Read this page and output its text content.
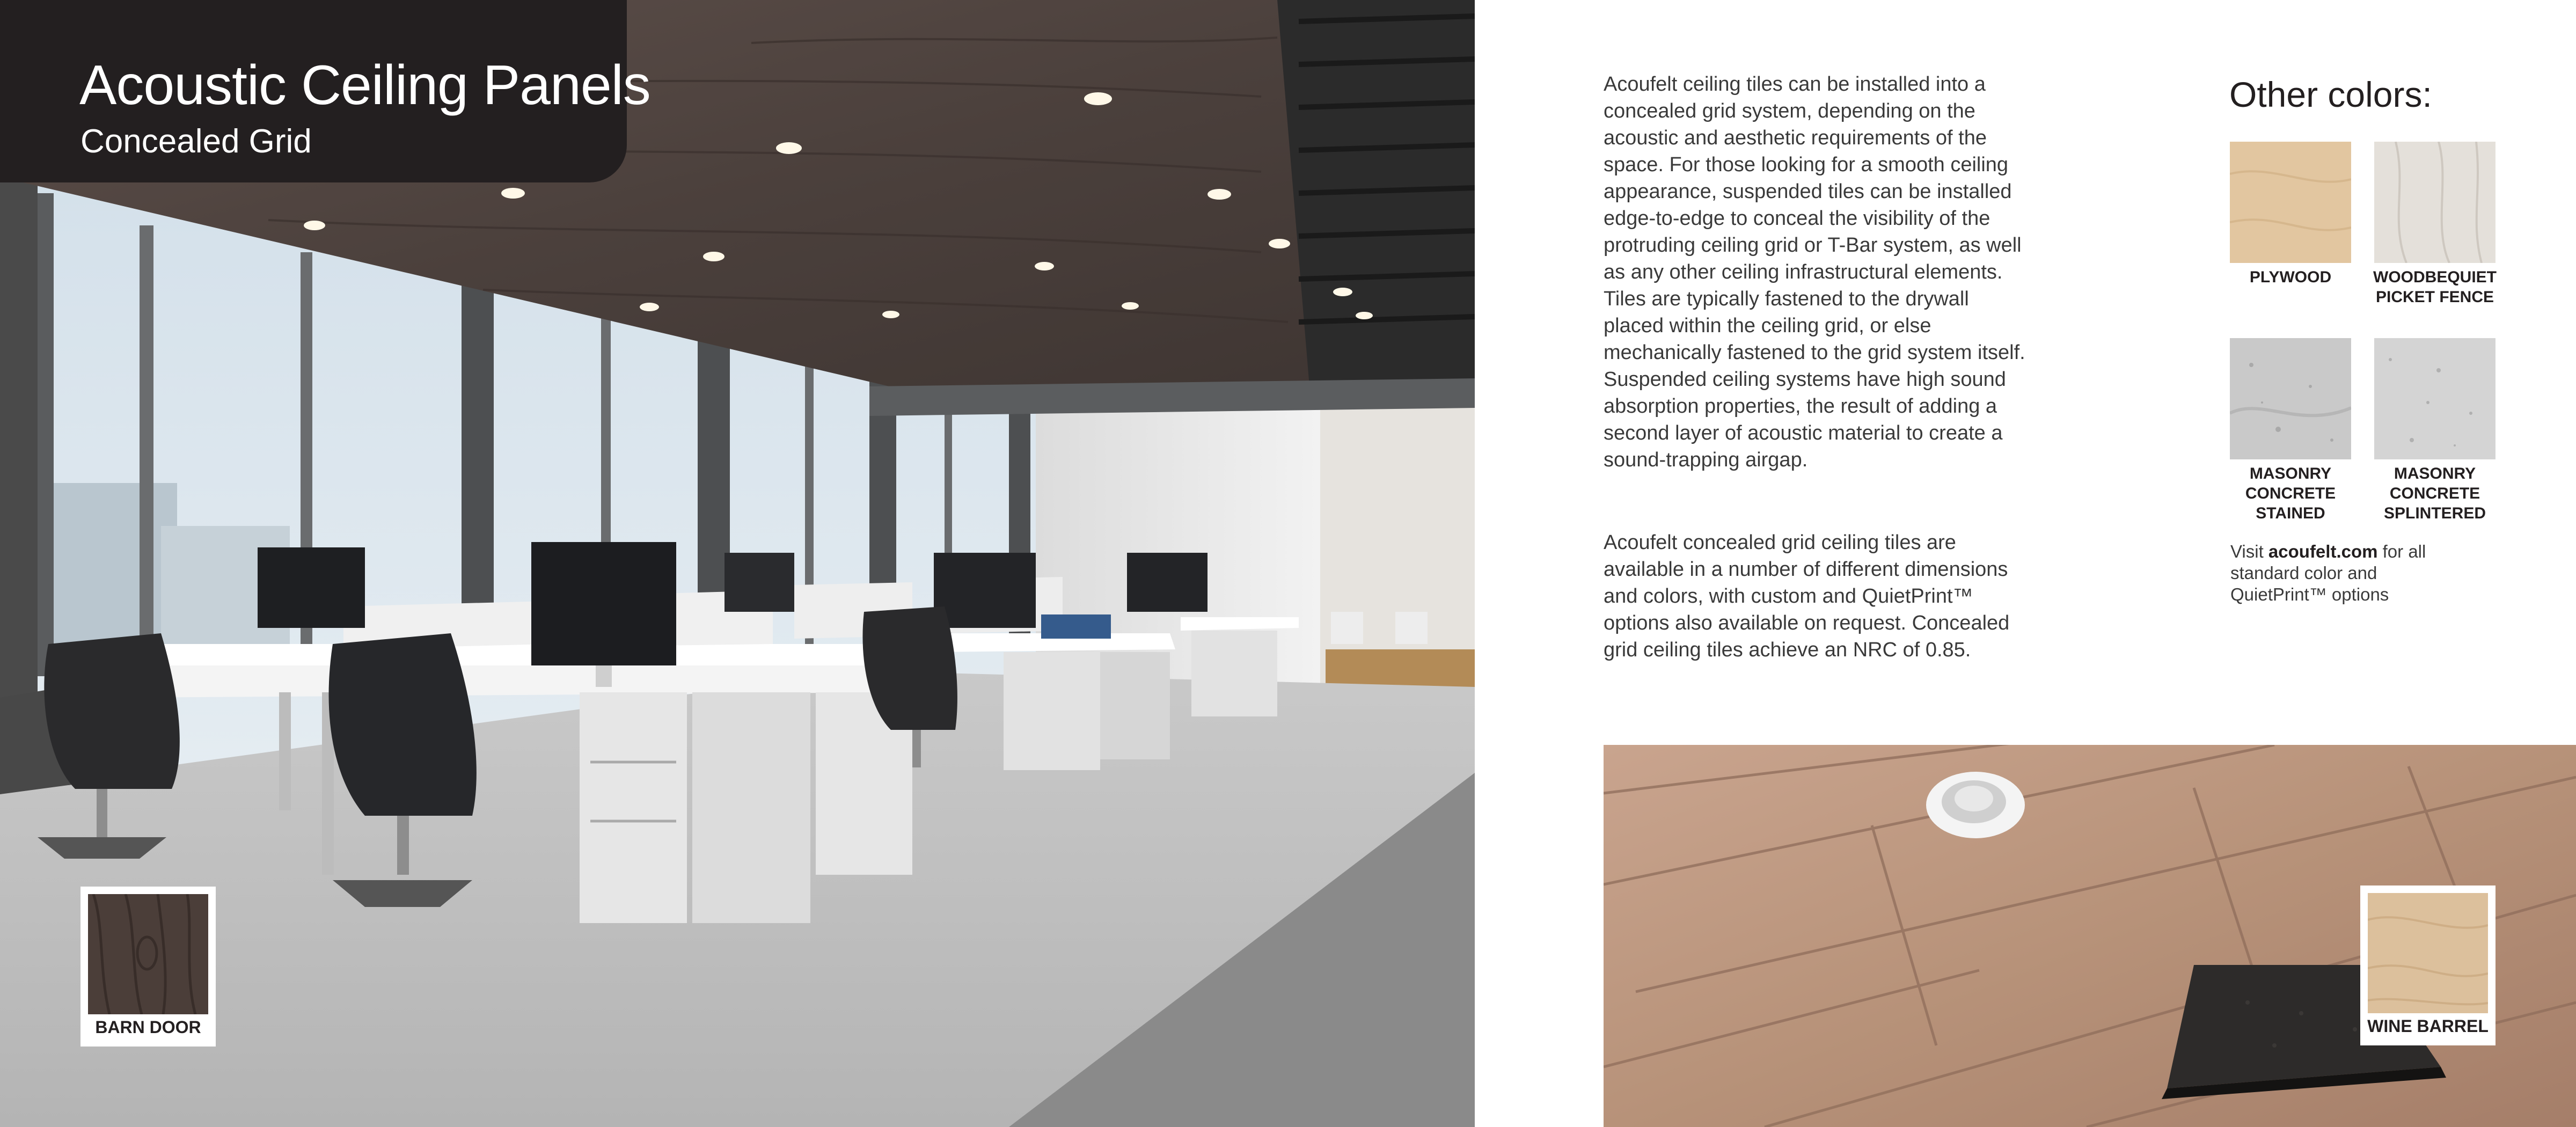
Acoustic Ceiling Panels
Concealed Grid
BARN DOOR

Acoufelt ceiling tiles can be installed into a concealed grid system, depending on the acoustic and aesthetic requirements of the space. For those looking for a smooth ceiling appearance, suspended tiles can be installed edge-to-edge to conceal the visibility of the protruding ceiling grid or T-Bar system, as well as any other ceiling infrastructural elements. Tiles are typically fastened to the drywall placed within the ceiling grid, or else mechanically fastened to the grid system itself. Suspended ceiling systems have high sound absorption properties, the result of adding a second layer of acoustic material to create a sound-trapping airgap.

Acoufelt concealed grid ceiling tiles are available in a number of different dimensions and colors, with custom and QuietPrint™ options also available on request. Concealed grid ceiling tiles achieve an NRC of 0.85.

Other colors:
PLYWOOD	WOODBEQUIET PICKET FENCE
MASONRY CONCRETE STAINED
MASONRY CONCRETE SPLINTERED
Visit acoufelt.com for all standard color and QuietPrint™ options
WINE BARREL
